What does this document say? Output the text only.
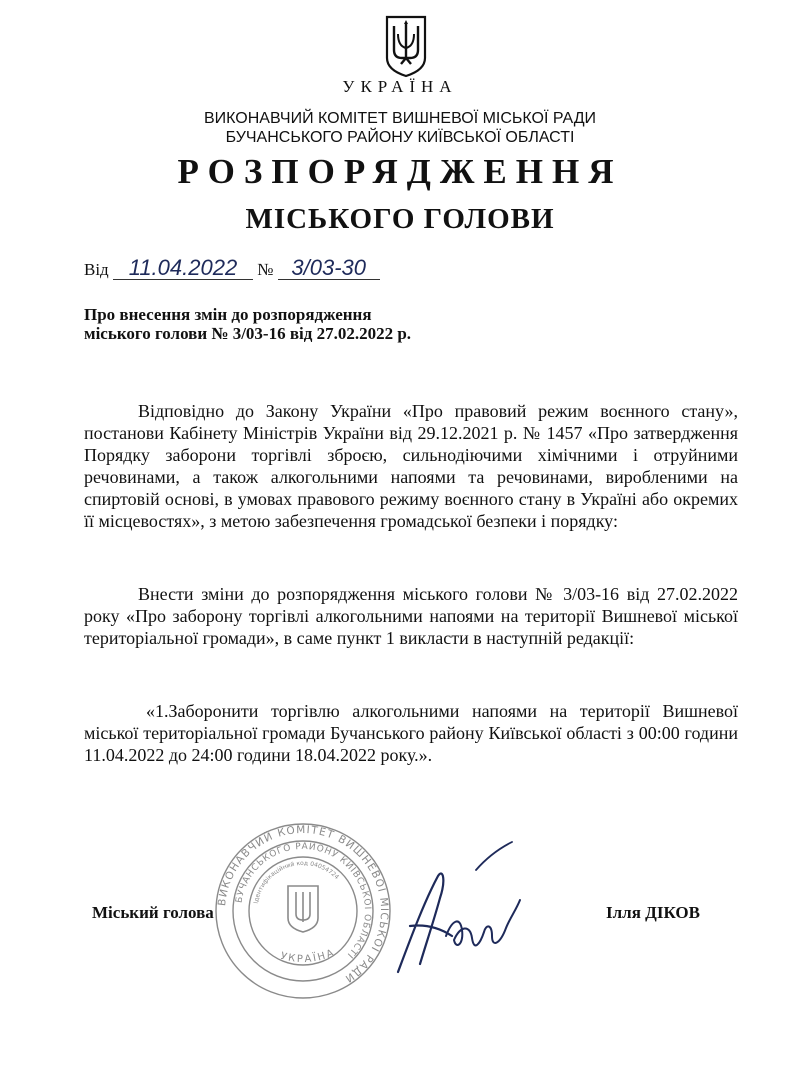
УКРАЇНА
ВИКОНАВЧИЙ КОМІТЕТ ВИШНЕВОЇ МІСЬКОЇ РАДИ
БУЧАНСЬКОГО РАЙОНУ КИЇВСЬКОЇ ОБЛАСТІ
РОЗПОРЯДЖЕННЯ
МІСЬКОГО ГОЛОВИ
Від 11.04.2022 № 3/03-30
Про внесення змін до розпорядження
міського голови № 3/03-16 від 27.02.2022 р.

Відповідно до Закону України «Про правовий режим воєнного стану», постанови Кабінету Міністрів України від 29.12.2021 р. № 1457 «Про затвердження Порядку заборони торгівлі зброєю, сильнодіючими хімічними і отруйними речовинами, а також алкогольними напоями та речовинами, виробленими на спиртовій основі, в умовах правового режиму воєнного стану в Україні або окремих її місцевостях», з метою забезпечення громадської безпеки і порядку:

Внести зміни до розпорядження міського голови № 3/03-16 від 27.02.2022 року «Про заборону торгівлі алкогольними напоями на території Вишневої міської територіальної громади», в саме пункт 1 викласти в наступній редакції:

«1.Заборонити торгівлю алкогольними напоями на території Вишневої міської територіальної громади Бучанського району Київської області з 00:00 години 11.04.2022 до 24:00 години 18.04.2022 року.».

ВИКОНАВЧИЙ КОМІТЕТ ВИШНЕВОЇ МІСЬКОЇ РАДИ
БУЧАНСЬКОГО РАЙОНУ КИЇВСЬКОЇ ОБЛАСТІ
УКРАЇНА
Ідентифікаційний код 04054724
Міський голова	Ілля ДІКОВ
